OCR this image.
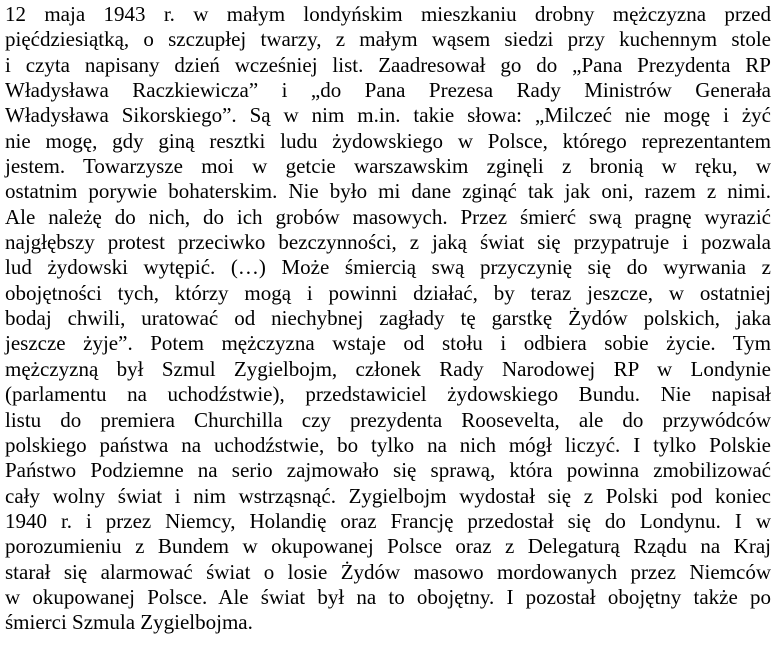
12 maja 1943 r. w małym londyńskim mieszkaniu drobny mężczyzna przed
pięćdziesiątką, o szczupłej twarzy, z małym wąsem siedzi przy kuchennym stole
i czyta napisany dzień wcześniej list. Zaadresował go do „Pana Prezydenta RP
Władysława Raczkiewicza” i „do Pana Prezesa Rady Ministrów Generała
Władysława Sikorskiego”. Są w nim m.in. takie słowa: „Milczeć nie mogę i żyć
nie mogę, gdy giną resztki ludu żydowskiego w Polsce, którego reprezentantem
jestem. Towarzysze moi w getcie warszawskim zginęli z bronią w ręku, w
ostatnim porywie bohaterskim. Nie było mi dane zginąć tak jak oni, razem z nimi.
Ale należę do nich, do ich grobów masowych. Przez śmierć swą pragnę wyrazić
najgłębszy protest przeciwko bezczynności, z jaką świat się przypatruje i pozwala
lud żydowski wytępić. (…) Może śmiercią swą przyczynię się do wyrwania z
obojętności tych, którzy mogą i powinni działać, by teraz jeszcze, w ostatniej
bodaj chwili, uratować od niechybnej zagłady tę garstkę Żydów polskich, jaka
jeszcze żyje”. Potem mężczyzna wstaje od stołu i odbiera sobie życie. Tym
mężczyzną był Szmul Zygielbojm, członek Rady Narodowej RP w Londynie
(parlamentu na uchodźstwie), przedstawiciel żydowskiego Bundu. Nie napisał
listu do premiera Churchilla czy prezydenta Roosevelta, ale do przywódców
polskiego państwa na uchodźstwie, bo tylko na nich mógł liczyć. I tylko Polskie
Państwo Podziemne na serio zajmowało się sprawą, która powinna zmobilizować
cały wolny świat i nim wstrząsnąć. Zygielbojm wydostał się z Polski pod koniec
1940 r. i przez Niemcy, Holandię oraz Francję przedostał się do Londynu. I w
porozumieniu z Bundem w okupowanej Polsce oraz z Delegaturą Rządu na Kraj
starał się alarmować świat o losie Żydów masowo mordowanych przez Niemców
w okupowanej Polsce. Ale świat był na to obojętny. I pozostał obojętny także po
śmierci Szmula Zygielbojma.
